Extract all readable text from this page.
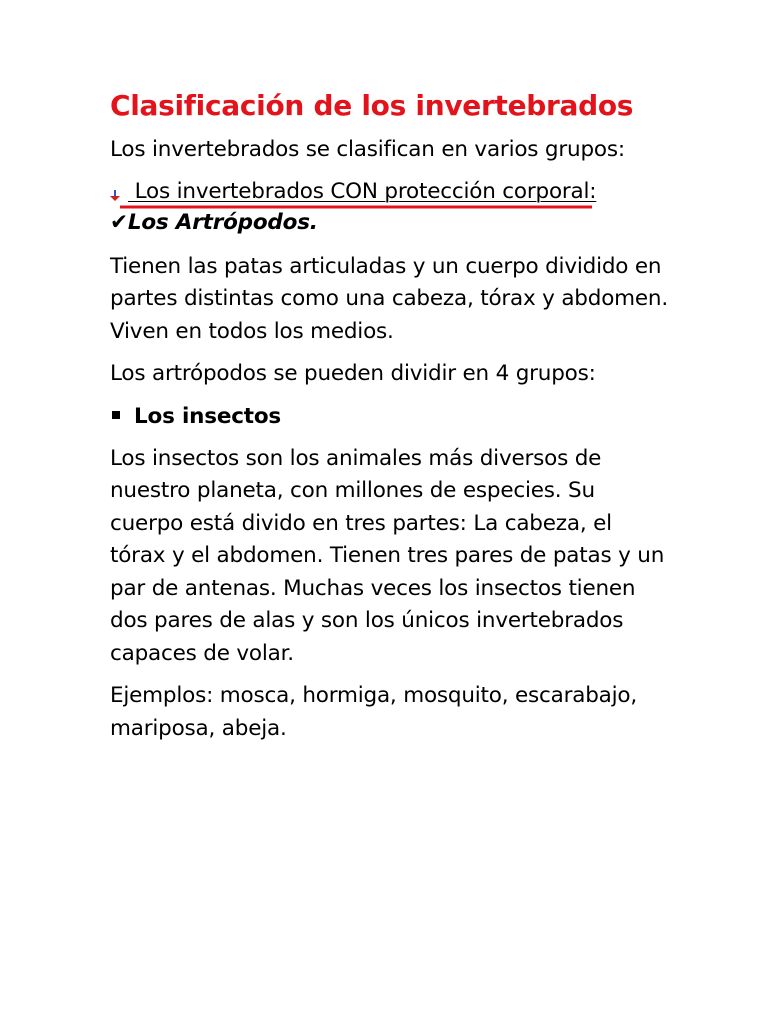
Clasificación de los invertebrados

Los invertebrados se clasifican en varios grupos:

Los invertebrados CON protección corporal:

✔Los Artrópodos.

Tienen las patas articuladas y un cuerpo dividido en partes distintas como una cabeza, tórax y abdomen. Viven en todos los medios.

Los artrópodos se pueden dividir en 4 grupos:

Los insectos

Los insectos son los animales más diversos de nuestro planeta, con millones de especies. Su cuerpo está divido en tres partes: La cabeza, el tórax y el abdomen. Tienen tres pares de patas y un par de antenas. Muchas veces los insectos tienen dos pares de alas y son los únicos invertebrados capaces de volar.

Ejemplos: mosca, hormiga, mosquito, escarabajo, mariposa, abeja.
